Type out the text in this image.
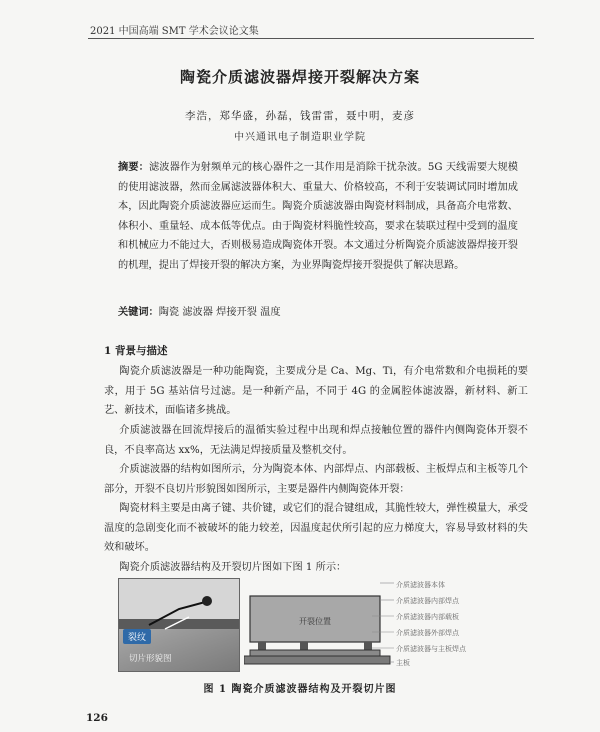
2021 中国高端 SMT 学术会议论文集
陶瓷介质滤波器焊接开裂解决方案
李浩，郑华盛，孙磊，钱雷雷，聂中明，麦彦
中兴通讯电子制造职业学院
摘要：滤波器作为射频单元的核心器件之一其作用是消除干扰杂波。5G 天线需要大规模的使用滤波器，然而金属滤波器体积大、重量大、价格较高，不利于安装调试同时增加成本，因此陶瓷介质滤波器应运而生。陶瓷介质滤波器由陶瓷材料制成，具备高介电常数、体积小、重量轻、成本低等优点。由于陶瓷材料脆性较高，要求在装联过程中受到的温度和机械应力不能过大，否则极易造成陶瓷体开裂。本文通过分析陶瓷介质滤波器焊接开裂的机理，提出了焊接开裂的解决方案，为业界陶瓷焊接开裂提供了解决思路。
关键词：陶瓷 滤波器 焊接开裂 温度
1 背景与描述
陶瓷介质滤波器是一种功能陶瓷，主要成分是 Ca、Mg、Ti，有介电常数和介电损耗的要求，用于 5G 基站信号过滤。是一种新产品，不同于 4G 的金属腔体滤波器，新材料、新工艺、新技术，面临诸多挑战。
介质滤波器在回流焊接后的温循实验过程中出现和焊点接触位置的器件内侧陶瓷体开裂不良，不良率高达 xx%，无法满足焊接质量及整机交付。
介质滤波器的结构如图所示，分为陶瓷本体、内部焊点、内部载板、主板焊点和主板等几个部分，开裂不良切片形貌图如图所示，主要是器件内侧陶瓷体开裂：
陶瓷材料主要是由离子键、共价键，或它们的混合键组成，其脆性较大，弹性模量大，承受温度的急剧变化而不被破坏的能力较差，因温度起伏所引起的应力梯度大，容易导致材料的失效和破坏。
陶瓷介质滤波器结构及开裂切片图如下图 1 所示：
裂纹
切片形貌图
开裂位置
介质滤波器本体
介质滤波器内部焊点
介质滤波器内部载板
介质滤波器外部焊点
介质滤波器与主板焊点
主板
图 1 陶瓷介质滤波器结构及开裂切片图
126
